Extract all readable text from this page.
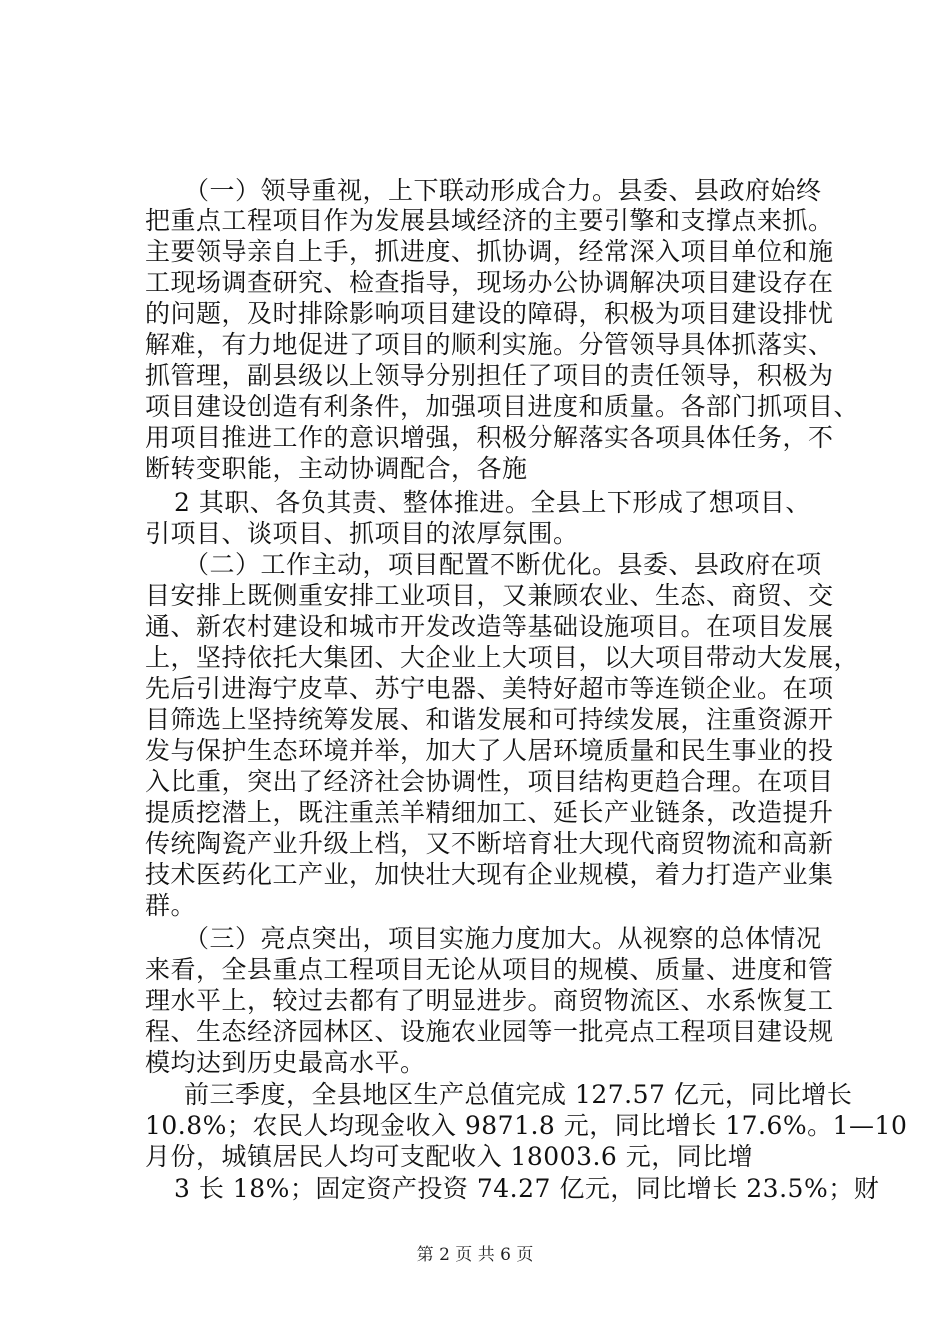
（一）领导重视，上下联动形成合力。县委、县政府始终
把重点工程项目作为发展县域经济的主要引擎和支撑点来抓。
主要领导亲自上手，抓进度、抓协调，经常深入项目单位和施
工现场调查研究、检查指导，现场办公协调解决项目建设存在
的问题，及时排除影响项目建设的障碍，积极为项目建设排忧
解难，有力地促进了项目的顺利实施。分管领导具体抓落实、
抓管理，副县级以上领导分别担任了项目的责任领导，积极为
项目建设创造有利条件，加强项目进度和质量。各部门抓项目、
用项目推进工作的意识增强，积极分解落实各项具体任务，不
断转变职能，主动协调配合，各施
2 其职、各负其责、整体推进。全县上下形成了想项目、
引项目、谈项目、抓项目的浓厚氛围。
（二）工作主动，项目配置不断优化。县委、县政府在项
目安排上既侧重安排工业项目，又兼顾农业、生态、商贸、交
通、新农村建设和城市开发改造等基础设施项目。在项目发展
上，坚持依托大集团、大企业上大项目，以大项目带动大发展，
先后引进海宁皮草、苏宁电器、美特好超市等连锁企业。在项
目筛选上坚持统筹发展、和谐发展和可持续发展，注重资源开
发与保护生态环境并举，加大了人居环境质量和民生事业的投
入比重，突出了经济社会协调性，项目结构更趋合理。在项目
提质挖潜上，既注重羔羊精细加工、延长产业链条，改造提升
传统陶瓷产业升级上档，又不断培育壮大现代商贸物流和高新
技术医药化工产业，加快壮大现有企业规模，着力打造产业集
群。
（三）亮点突出，项目实施力度加大。从视察的总体情况
来看，全县重点工程项目无论从项目的规模、质量、进度和管
理水平上，较过去都有了明显进步。商贸物流区、水系恢复工
程、生态经济园林区、设施农业园等一批亮点工程项目建设规
模均达到历史最高水平。
前三季度，全县地区生产总值完成 127.57 亿元，同比增长
10.8%；农民人均现金收入 9871.8 元，同比增长 17.6%。1—10
月份，城镇居民人均可支配收入 18003.6 元，同比增
3 长 18%；固定资产投资 74.27 亿元，同比增长 23.5%；财
第 2 页 共 6 页
